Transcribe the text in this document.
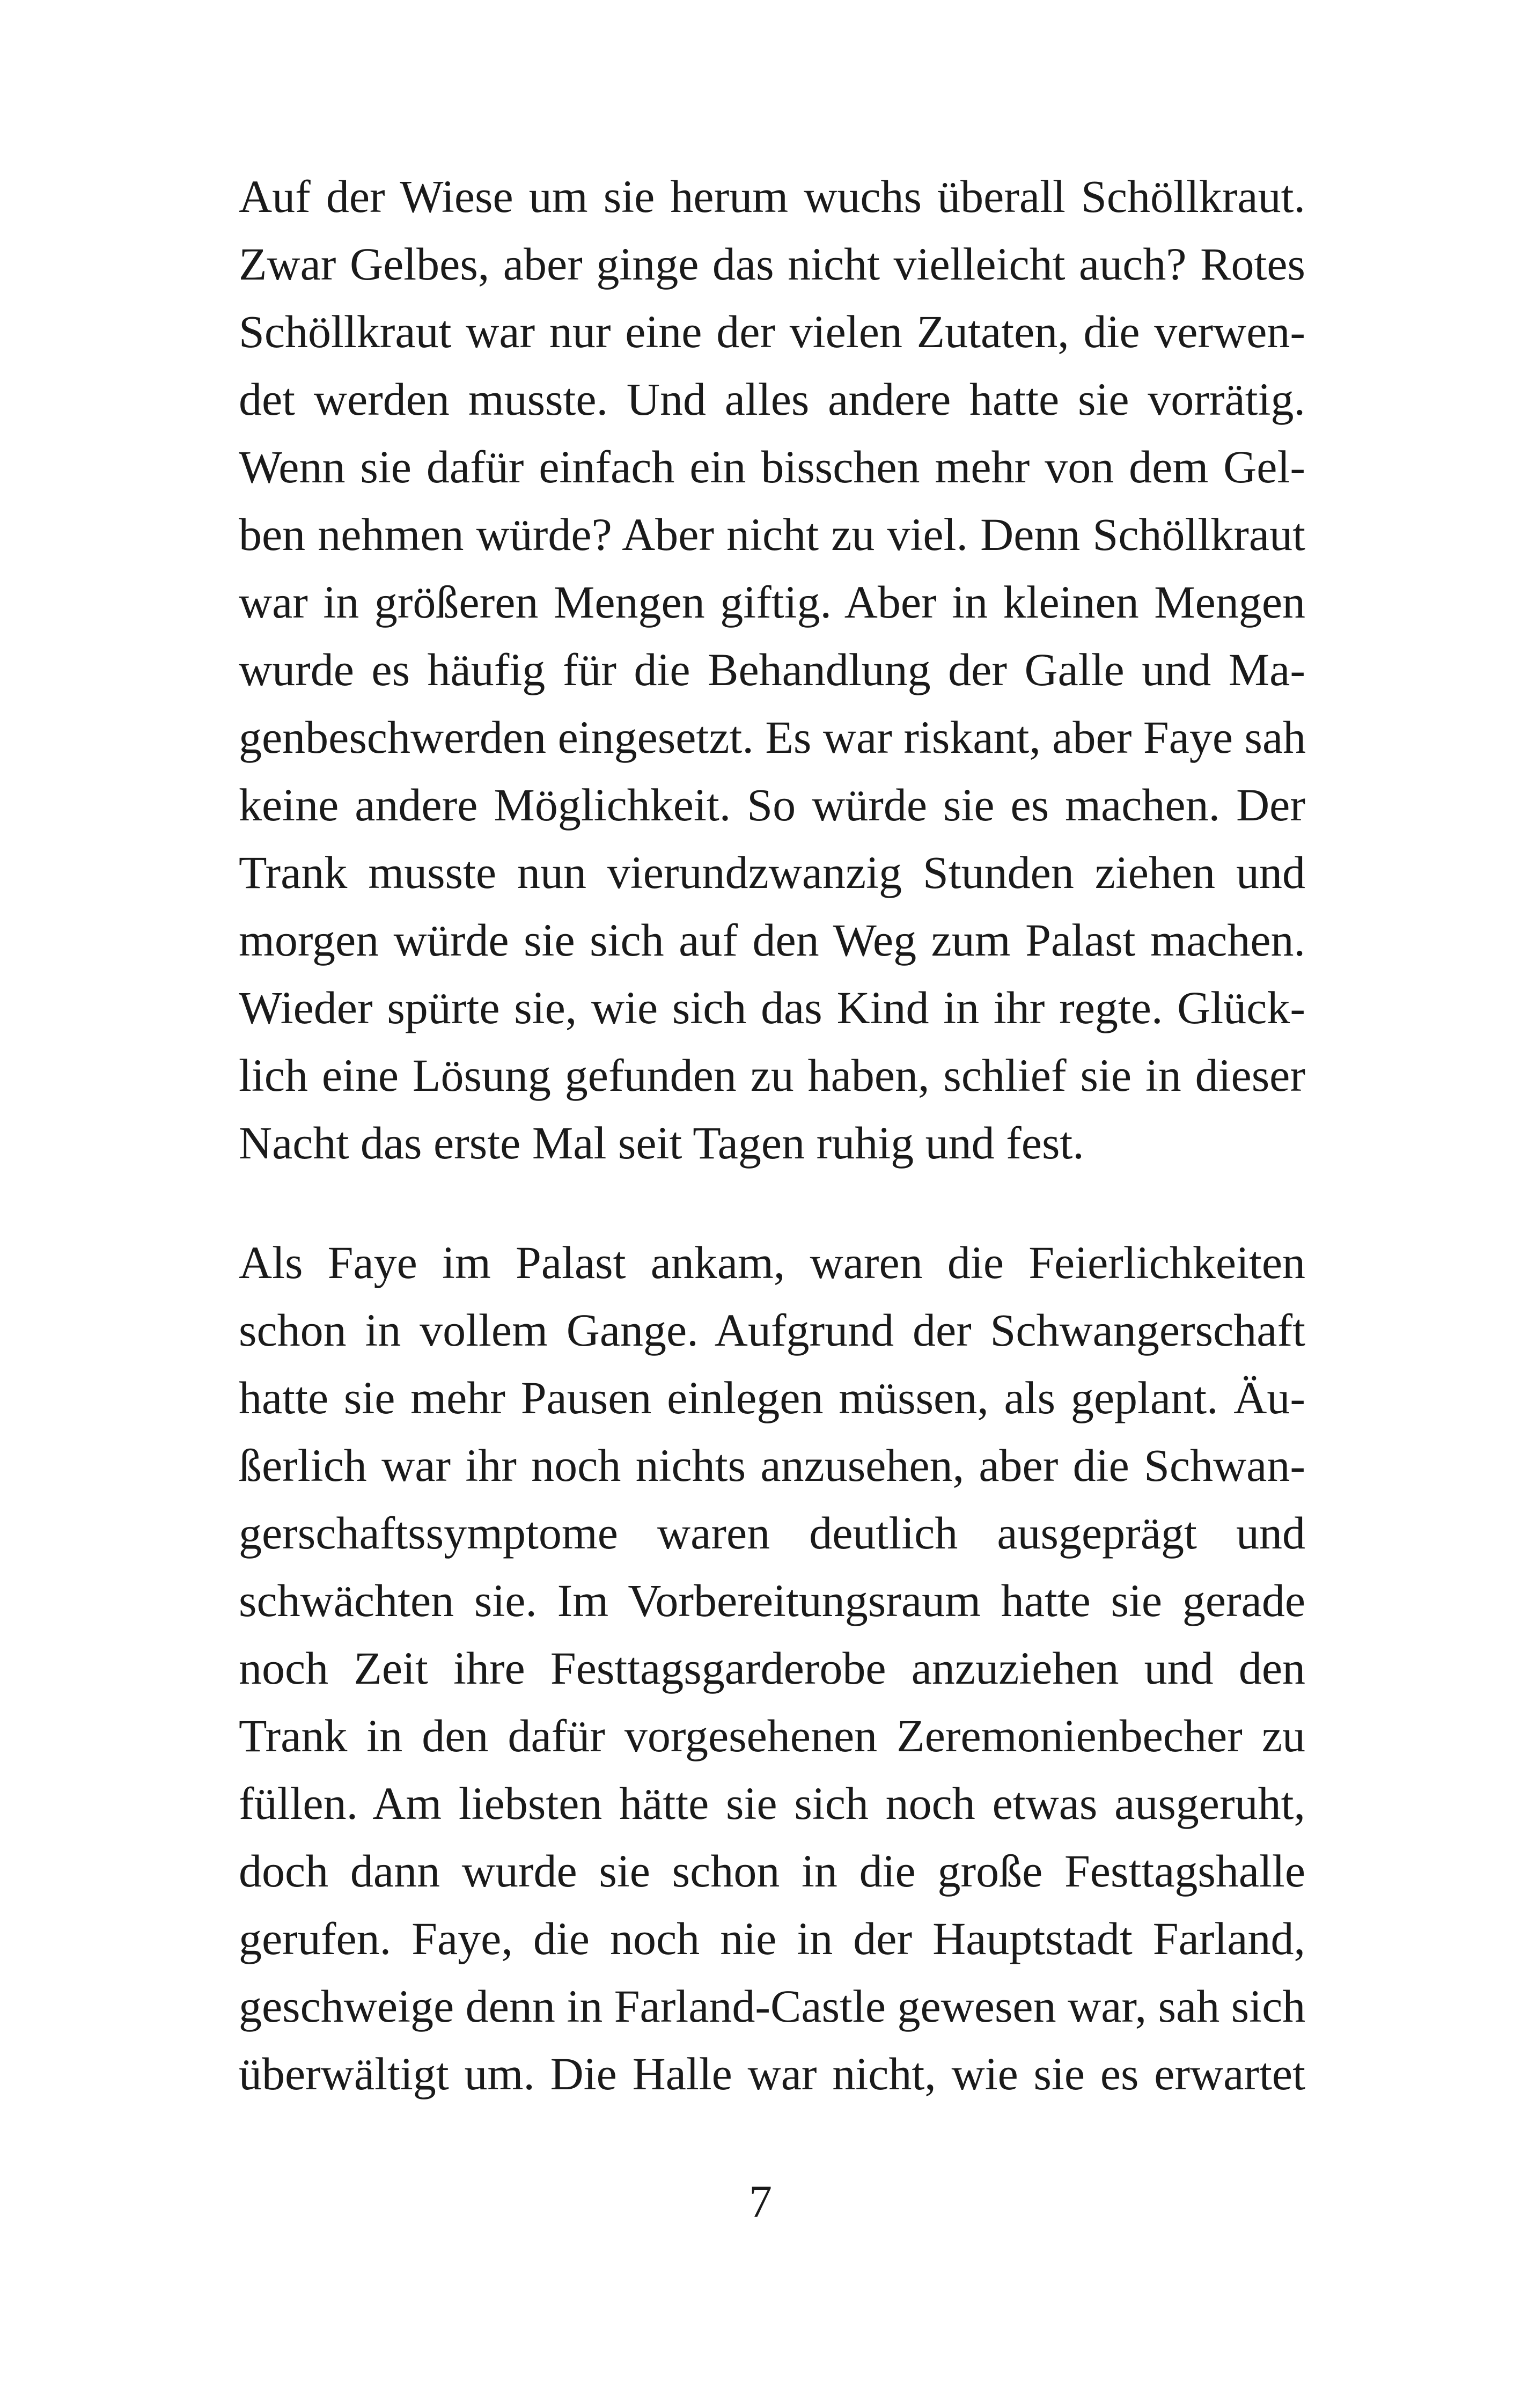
Auf der Wiese um sie herum wuchs überall Schöllkraut.
Zwar Gelbes, aber ginge das nicht vielleicht auch? Rotes
Schöllkraut war nur eine der vielen Zutaten, die verwen-
det werden musste. Und alles andere hatte sie vorrätig.
Wenn sie dafür einfach ein bisschen mehr von dem Gel-
ben nehmen würde? Aber nicht zu viel. Denn Schöllkraut
war in größeren Mengen giftig. Aber in kleinen Mengen
wurde es häufig für die Behandlung der Galle und Ma-
genbeschwerden eingesetzt. Es war riskant, aber Faye sah
keine andere Möglichkeit. So würde sie es machen. Der
Trank musste nun vierundzwanzig Stunden ziehen und
morgen würde sie sich auf den Weg zum Palast machen.
Wieder spürte sie, wie sich das Kind in ihr regte. Glück-
lich eine Lösung gefunden zu haben, schlief sie in dieser
Nacht das erste Mal seit Tagen ruhig und fest.
Als Faye im Palast ankam, waren die Feierlichkeiten
schon in vollem Gange. Aufgrund der Schwangerschaft
hatte sie mehr Pausen einlegen müssen, als geplant. Äu-
ßerlich war ihr noch nichts anzusehen, aber die Schwan-
gerschaftssymptome waren deutlich ausgeprägt und
schwächten sie. Im Vorbereitungsraum hatte sie gerade
noch Zeit ihre Festtagsgarderobe anzuziehen und den
Trank in den dafür vorgesehenen Zeremonienbecher zu
füllen. Am liebsten hätte sie sich noch etwas ausgeruht,
doch dann wurde sie schon in die große Festtagshalle
gerufen. Faye, die noch nie in der Hauptstadt Farland,
geschweige denn in Farland-Castle gewesen war, sah sich
überwältigt um. Die Halle war nicht, wie sie es erwartet
7
